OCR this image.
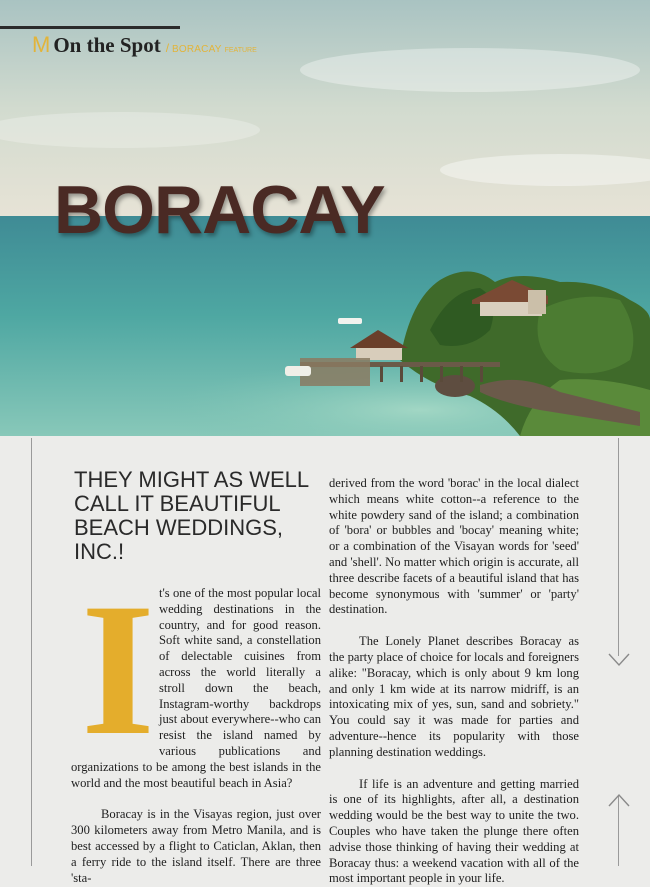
M On the Spot / BORACAY FEATURE
BORACAY
THEY MIGHT AS WELL CALL IT BEAUTIFUL BEACH WEDDINGS, INC.!
I t's one of the most popular local wedding destinations in the country, and for good reason. Soft white sand, a constellation of delectable cuisines from across the world literally a stroll down the beach, Instagram-worthy backdrops just about everywhere--who can resist the island named by various publications and organizations to be among the best islands in the world and the most beautiful beach in Asia?

Boracay is in the Visayas region, just over 300 kilometers away from Metro Manila, and is best accessed by a flight to Caticlan, Aklan, then a ferry ride to the island itself. There are three 'sta-

derived from the word 'borac' in the local dialect which means white cotton--a reference to the white powdery sand of the island; a combination of 'bora' or bubbles and 'bocay' meaning white; or a combination of the Visayan words for 'seed' and 'shell'. No matter which origin is accurate, all three describe facets of a beautiful island that has become synonymous with 'summer' or 'party' destination.

The Lonely Planet describes Boracay as the party place of choice for locals and foreigners alike: "Boracay, which is only about 9 km long and only 1 km wide at its narrow midriff, is an intoxicating mix of yes, sun, sand and sobriety." You could say it was made for parties and adventure--hence its popularity with those planning destination weddings.

If life is an adventure and getting married is one of its highlights, after all, a destination wedding would be the best way to unite the two. Couples who have taken the plunge there often advise those thinking of having their wedding at Boracay thus: a weekend vacation with all of the most important people in your life.
